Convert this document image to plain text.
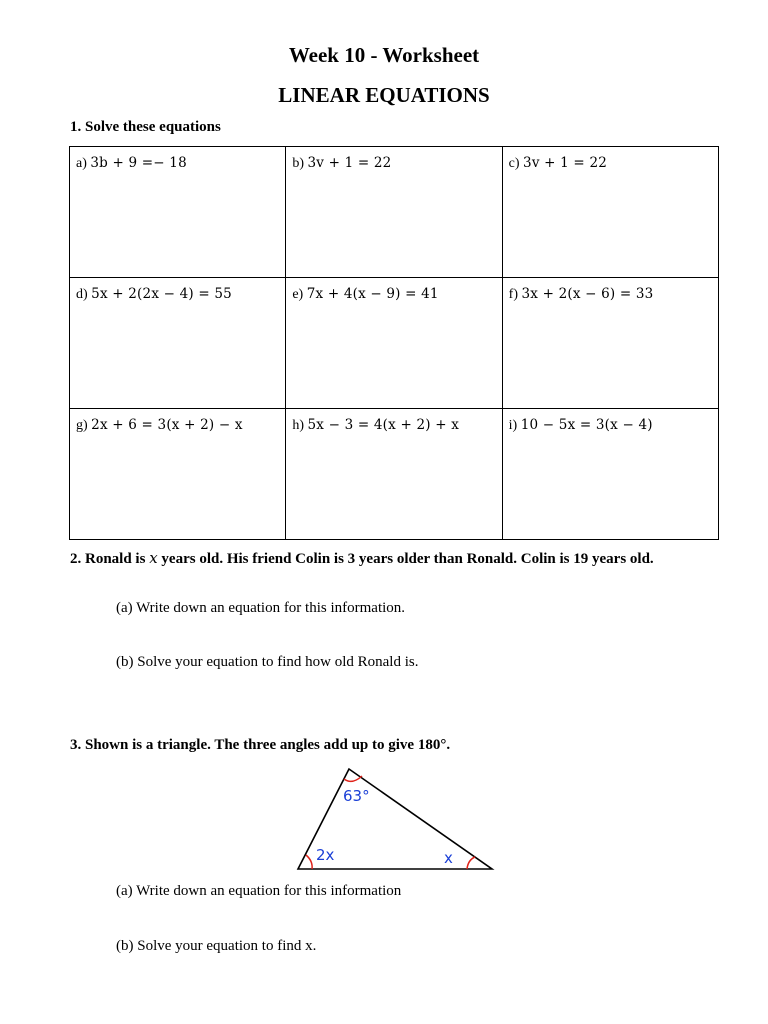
Week 10 - Worksheet
LINEAR EQUATIONS
1. Solve these equations
a) 3b + 9 =− 18	b) 3v + 1 = 22	c) 3v + 1 = 22
d) 5x + 2(2x − 4) = 55	e) 7x + 4(x − 9) = 41	f) 3x + 2(x − 6) = 33
g) 2x + 6 = 3(x + 2) − x	h) 5x − 3 = 4(x + 2) + x	i) 10 − 5x = 3(x − 4)
2. Ronald is x years old. His friend Colin is 3 years older than Ronald. Colin is 19 years old.
(a) Write down an equation for this information.
(b) Solve your equation to find how old Ronald is.
3. Shown is a triangle. The three angles add up to give 180°.
63°
2x	x
(a) Write down an equation for this information
(b) Solve your equation to find x.
